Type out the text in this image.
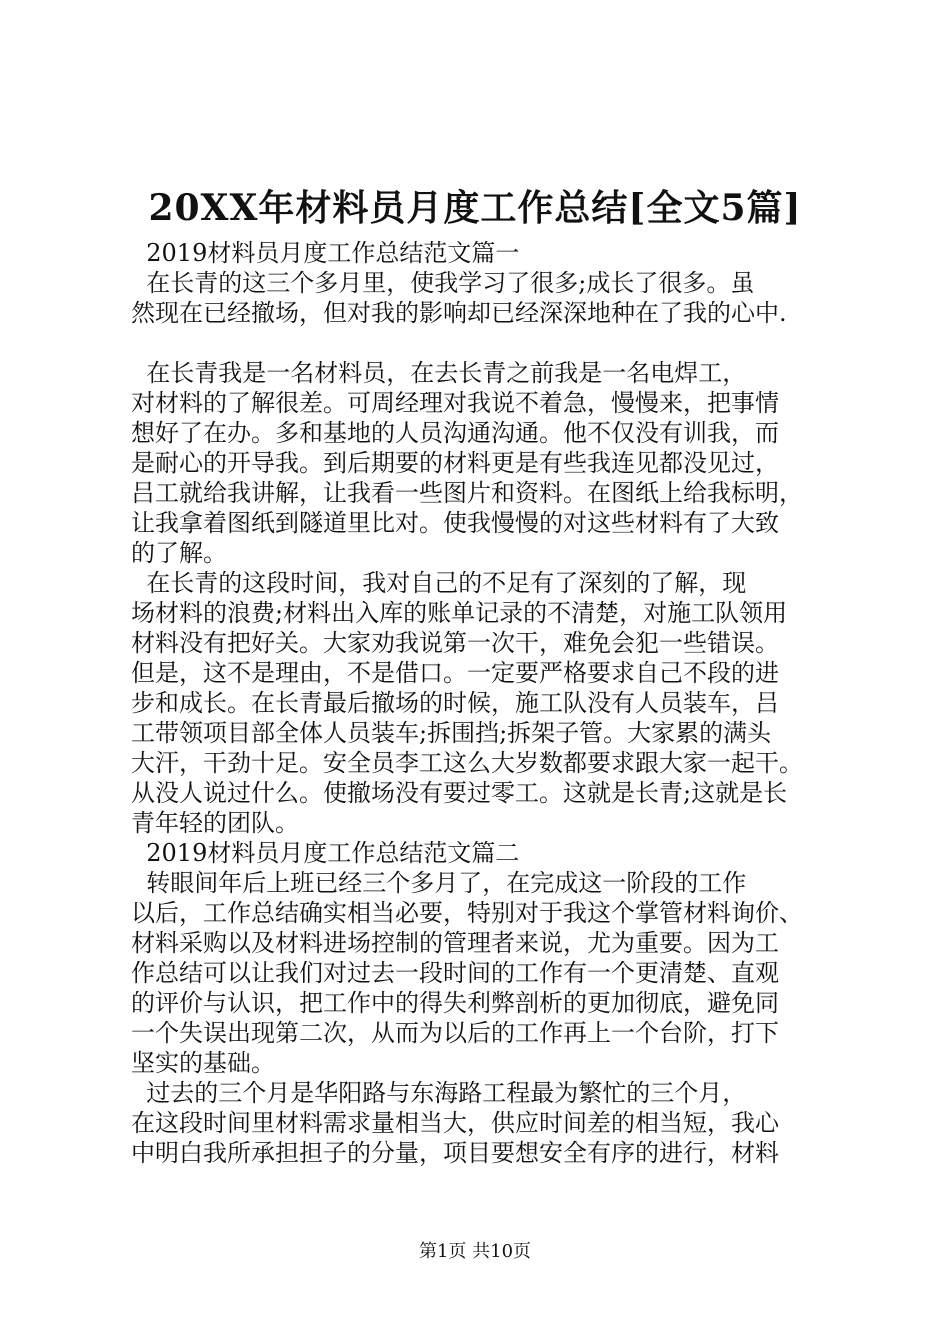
20XX年材料员月度工作总结[全文5篇]
2019材料员月度工作总结范文篇一
在长青的这三个多月里，使我学习了很多;成长了很多。虽
然现在已经撤场，但对我的影响却已经深深地种在了我的心中.
在长青我是一名材料员，在去长青之前我是一名电焊工，
对材料的了解很差。可周经理对我说不着急，慢慢来，把事情
想好了在办。多和基地的人员沟通沟通。他不仅没有训我，而
是耐心的开导我。到后期要的材料更是有些我连见都没见过，
吕工就给我讲解，让我看一些图片和资料。在图纸上给我标明，
让我拿着图纸到隧道里比对。使我慢慢的对这些材料有了大致
的了解。
在长青的这段时间，我对自己的不足有了深刻的了解，现
场材料的浪费;材料出入库的账单记录的不清楚，对施工队领用
材料没有把好关。大家劝我说第一次干，难免会犯一些错误。
但是，这不是理由，不是借口。一定要严格要求自己不段的进
步和成长。在长青最后撤场的时候，施工队没有人员装车，吕
工带领项目部全体人员装车;拆围挡;拆架子管。大家累的满头
大汗，干劲十足。安全员李工这么大岁数都要求跟大家一起干。
从没人说过什么。使撤场没有要过零工。这就是长青;这就是长
青年轻的团队。
2019材料员月度工作总结范文篇二
转眼间年后上班已经三个多月了，在完成这一阶段的工作
以后，工作总结确实相当必要，特别对于我这个掌管材料询价、
材料采购以及材料进场控制的管理者来说，尤为重要。因为工
作总结可以让我们对过去一段时间的工作有一个更清楚、直观
的评价与认识，把工作中的得失利弊剖析的更加彻底，避免同
一个失误出现第二次，从而为以后的工作再上一个台阶，打下
坚实的基础。
过去的三个月是华阳路与东海路工程最为繁忙的三个月，
在这段时间里材料需求量相当大，供应时间差的相当短，我心
中明白我所承担担子的分量，项目要想安全有序的进行，材料
第1页 共10页
